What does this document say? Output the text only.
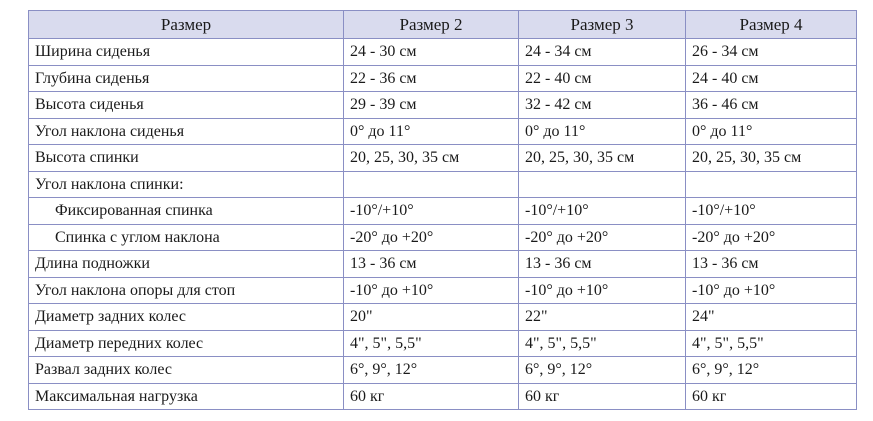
Размер	Размер 2	Размер 3	Размер 4
Ширина сиденья	24 - 30 см	24 - 34 см	26 - 34 см
Глубина сиденья	22 - 36 см	22 - 40 см	24 - 40 см
Высота сиденья	29 - 39 см	32 - 42 см	36 - 46 см
Угол наклона сиденья	0° до 11°	0° до 11°	0° до 11°
Высота спинки	20, 25, 30, 35 см	20, 25, 30, 35 см	20, 25, 30, 35 см
Угол наклона спинки:			
Фиксированная спинка	-10°/+10°	-10°/+10°	-10°/+10°
Спинка с углом наклона	-20° до +20°	-20° до +20°	-20° до +20°
Длина подножки	13 - 36 см	13 - 36 см	13 - 36 см
Угол наклона опоры для стоп	-10° до +10°	-10° до +10°	-10° до +10°
Диаметр задних колес	20"	22"	24"
Диаметр передних колес	4", 5", 5,5"	4", 5", 5,5"	4", 5", 5,5"
Развал задних колес	6°, 9°, 12°	6°, 9°, 12°	6°, 9°, 12°
Максимальная нагрузка	60 кг	60 кг	60 кг
